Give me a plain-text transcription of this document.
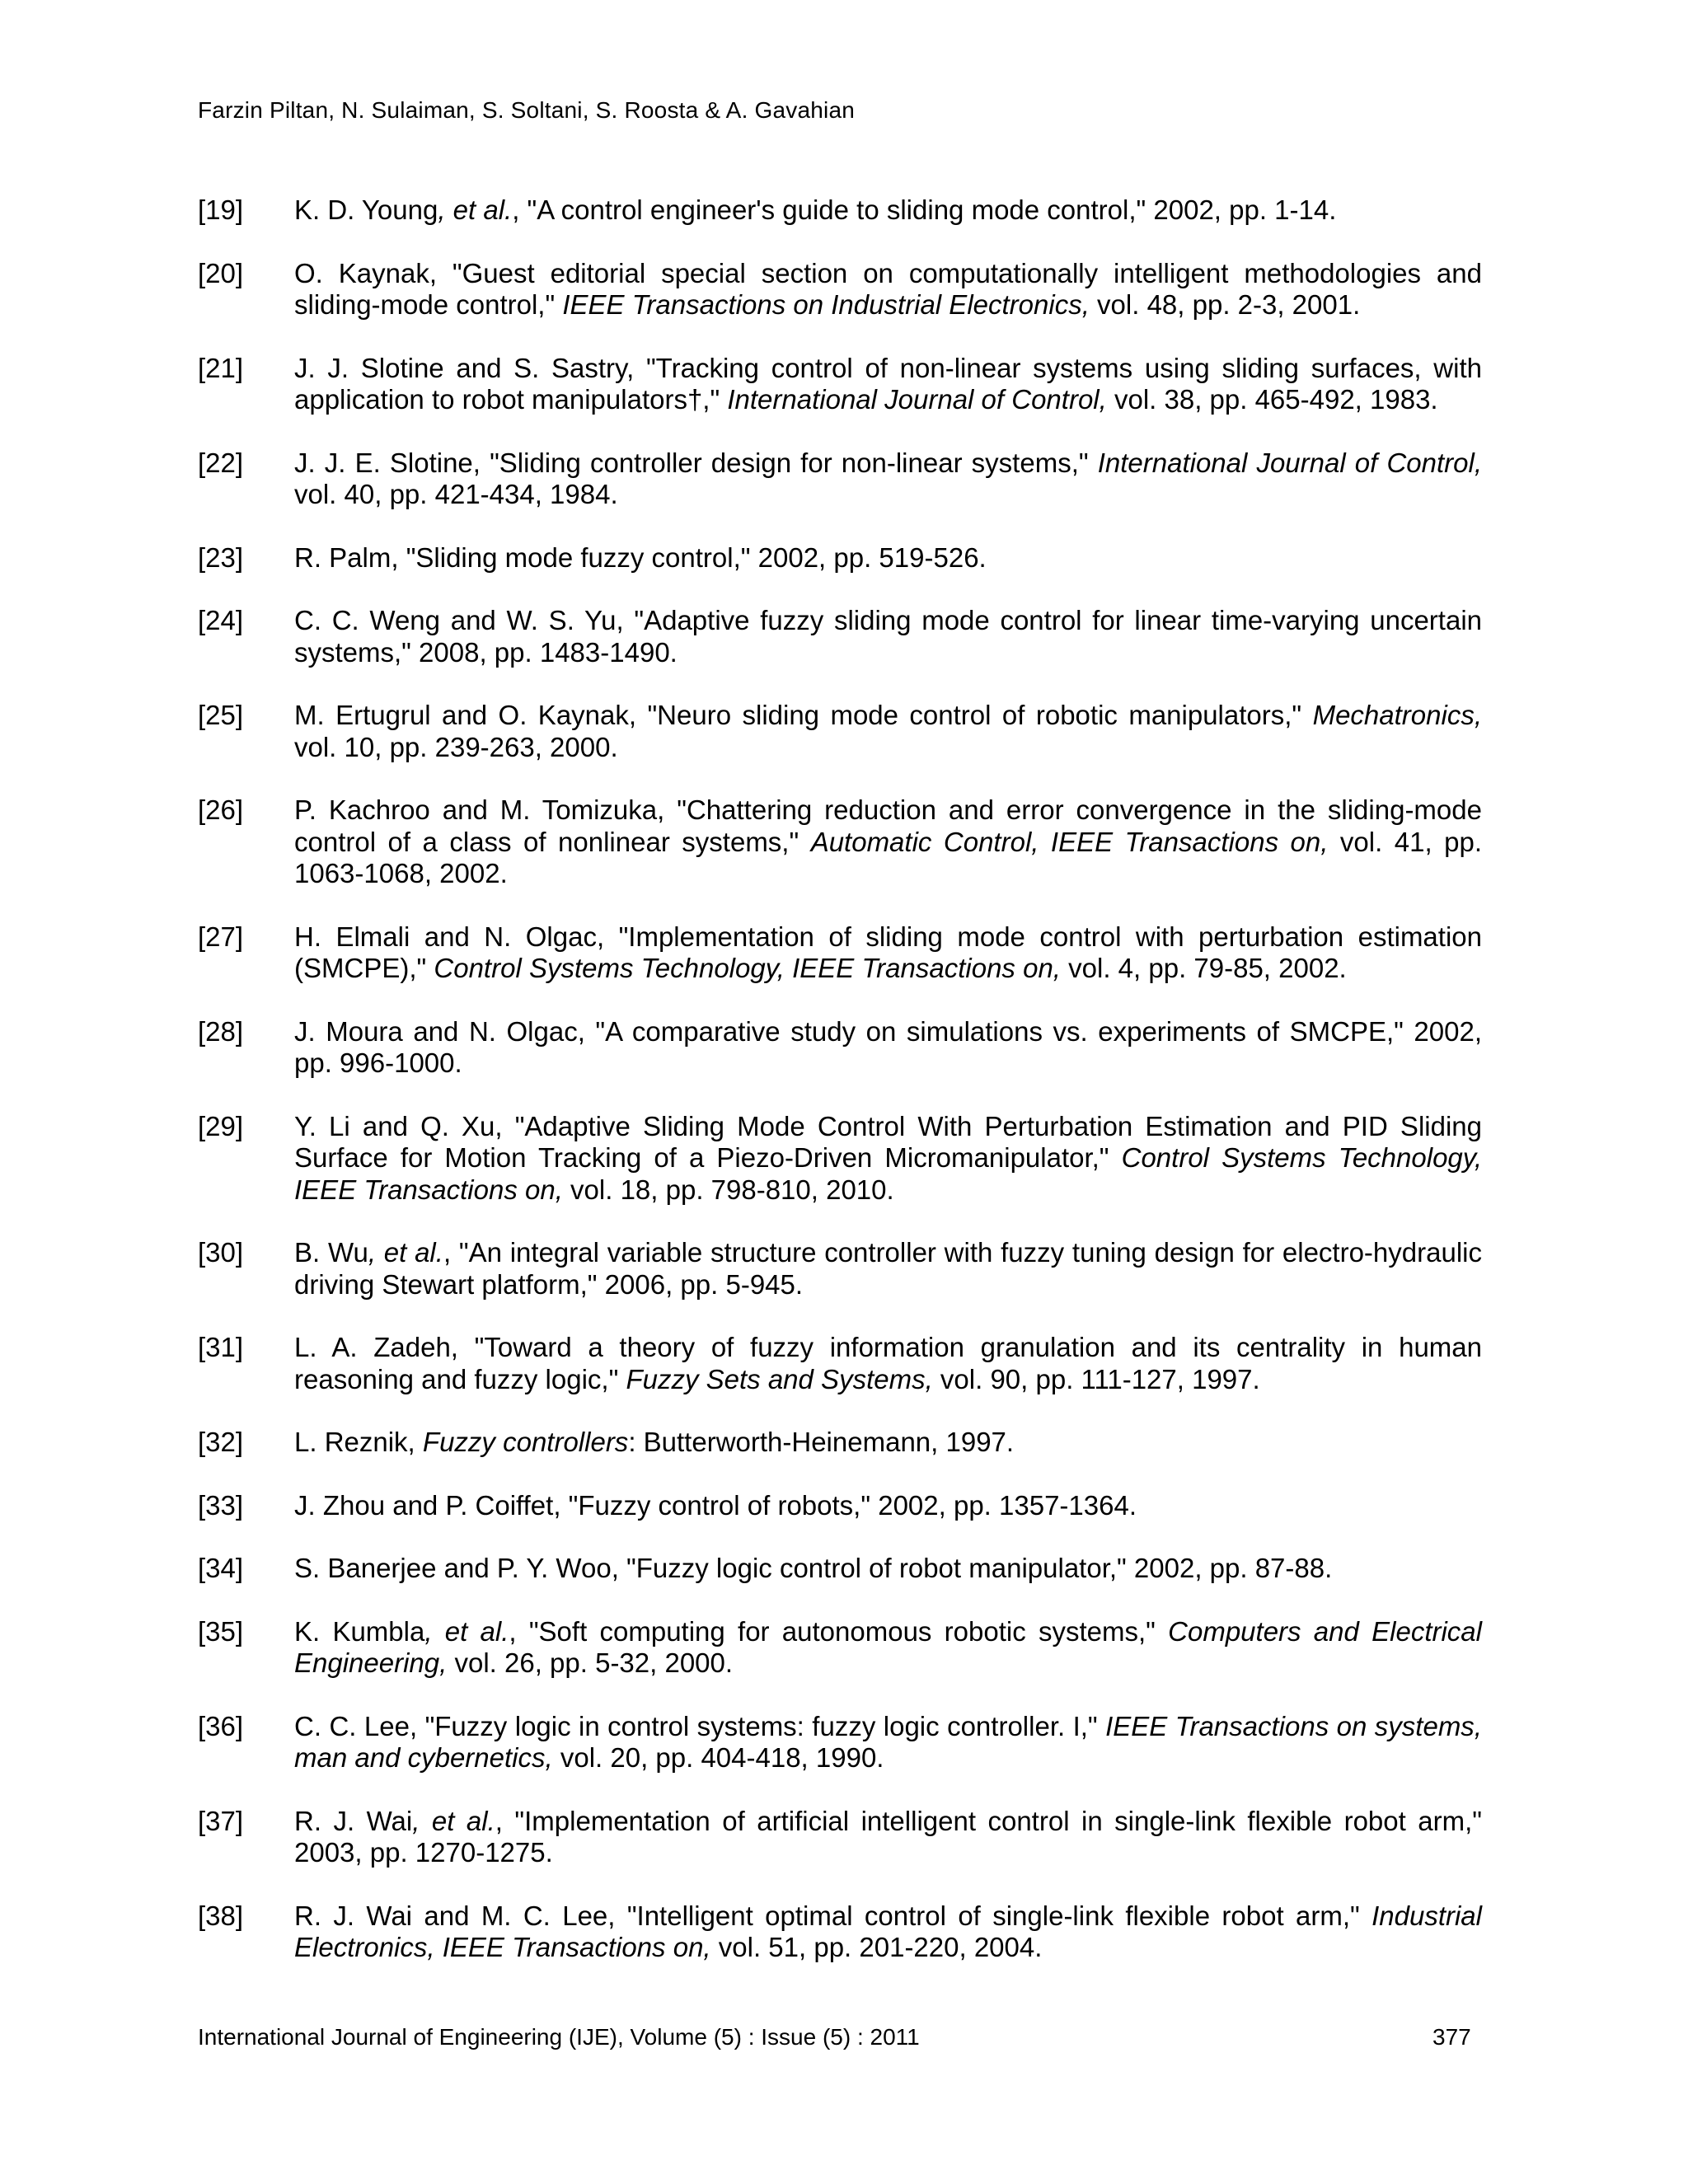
Farzin Piltan, N. Sulaiman, S. Soltani, S. Roosta & A. Gavahian
[19] K. D. Young, et al., "A control engineer's guide to sliding mode control," 2002, pp. 1-14.
[20] O. Kaynak, "Guest editorial special section on computationally intelligent methodologies and sliding-mode control," IEEE Transactions on Industrial Electronics, vol. 48, pp. 2-3, 2001.
[21] J. J. Slotine and S. Sastry, "Tracking control of non-linear systems using sliding surfaces, with application to robot manipulators†," International Journal of Control, vol. 38, pp. 465-492, 1983.
[22] J. J. E. Slotine, "Sliding controller design for non-linear systems," International Journal of Control, vol. 40, pp. 421-434, 1984.
[23] R. Palm, "Sliding mode fuzzy control," 2002, pp. 519-526.
[24] C. C. Weng and W. S. Yu, "Adaptive fuzzy sliding mode control for linear time-varying uncertain systems," 2008, pp. 1483-1490.
[25] M. Ertugrul and O. Kaynak, "Neuro sliding mode control of robotic manipulators," Mechatronics, vol. 10, pp. 239-263, 2000.
[26] P. Kachroo and M. Tomizuka, "Chattering reduction and error convergence in the sliding-mode control of a class of nonlinear systems," Automatic Control, IEEE Transactions on, vol. 41, pp. 1063-1068, 2002.
[27] H. Elmali and N. Olgac, "Implementation of sliding mode control with perturbation estimation (SMCPE)," Control Systems Technology, IEEE Transactions on, vol. 4, pp. 79-85, 2002.
[28] J. Moura and N. Olgac, "A comparative study on simulations vs. experiments of SMCPE," 2002, pp. 996-1000.
[29] Y. Li and Q. Xu, "Adaptive Sliding Mode Control With Perturbation Estimation and PID Sliding Surface for Motion Tracking of a Piezo-Driven Micromanipulator," Control Systems Technology, IEEE Transactions on, vol. 18, pp. 798-810, 2010.
[30] B. Wu, et al., "An integral variable structure controller with fuzzy tuning design for electro-hydraulic driving Stewart platform," 2006, pp. 5-945.
[31] L. A. Zadeh, "Toward a theory of fuzzy information granulation and its centrality in human reasoning and fuzzy logic," Fuzzy Sets and Systems, vol. 90, pp. 111-127, 1997.
[32] L. Reznik, Fuzzy controllers: Butterworth-Heinemann, 1997.
[33] J. Zhou and P. Coiffet, "Fuzzy control of robots," 2002, pp. 1357-1364.
[34] S. Banerjee and P. Y. Woo, "Fuzzy logic control of robot manipulator," 2002, pp. 87-88.
[35] K. Kumbla, et al., "Soft computing for autonomous robotic systems," Computers and Electrical Engineering, vol. 26, pp. 5-32, 2000.
[36] C. C. Lee, "Fuzzy logic in control systems: fuzzy logic controller. I," IEEE Transactions on systems, man and cybernetics, vol. 20, pp. 404-418, 1990.
[37] R. J. Wai, et al., "Implementation of artificial intelligent control in single-link flexible robot arm," 2003, pp. 1270-1275.
[38] R. J. Wai and M. C. Lee, "Intelligent optimal control of single-link flexible robot arm," Industrial Electronics, IEEE Transactions on, vol. 51, pp. 201-220, 2004.
International Journal of Engineering (IJE), Volume (5) : Issue (5) : 2011	377
